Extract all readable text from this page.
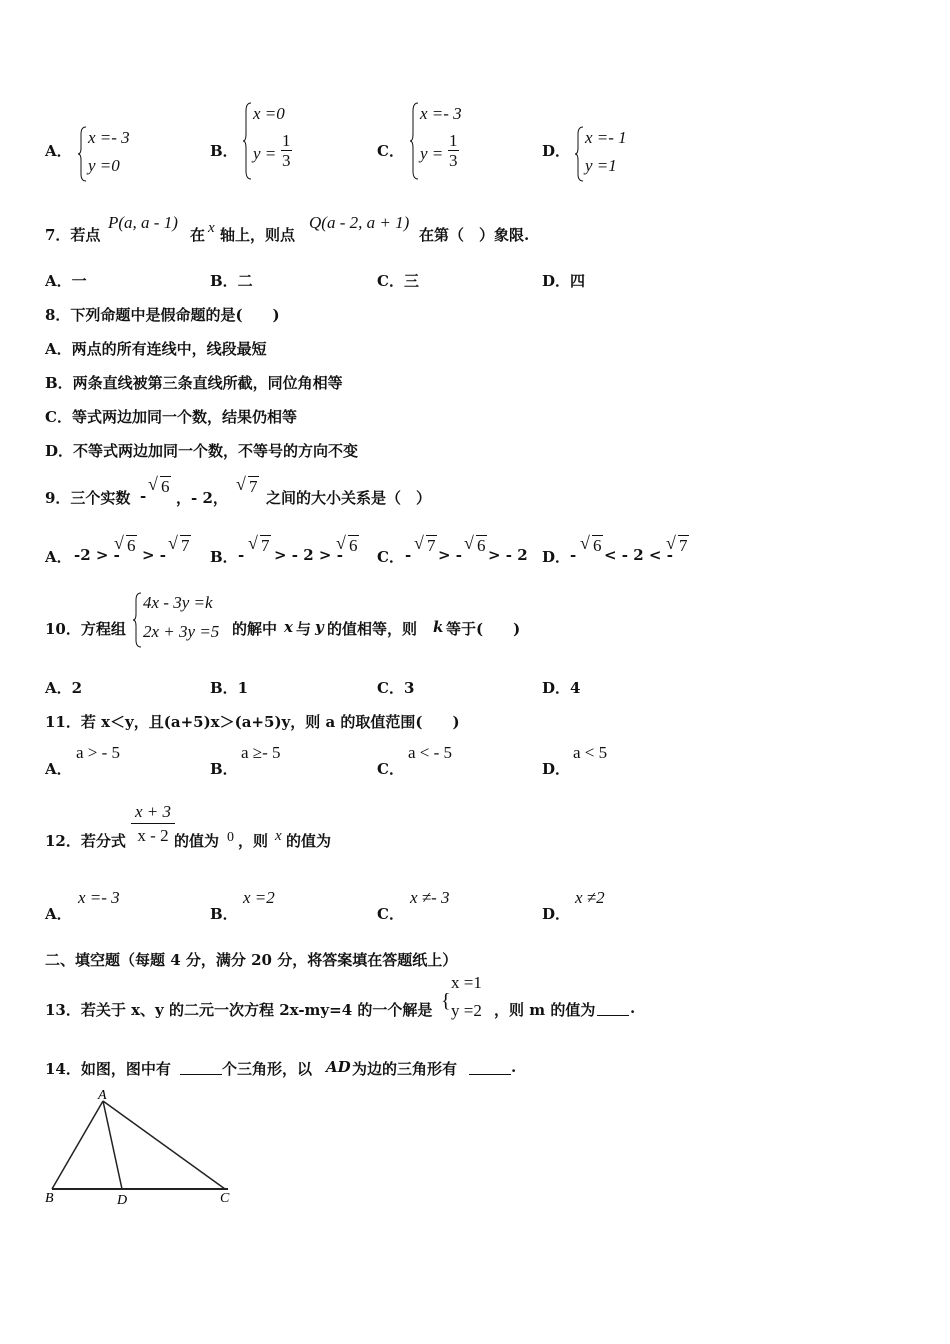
A．
x =- 3
y =0
B．
x =0
$y = \frac{1}{3}$	C．
x =- 3
$y = \frac{1}{3}$	D．
x =- 1
y =1
7．若点
P(a, a - 1)
在 x 轴上，则点
Q(a - 2, a + 1)
在第（　）象限.
A．一	B．二	C．三	D．四
8．下列命题中是假命题的是(　　)
A．两点的所有连线中，线段最短
B．两条直线被第三条直线所截，同位角相等
C．等式两边加同一个数，结果仍相等
D．不等式两边加同一个数，不等号的方向不变
9．三个实数 - √ 6
，- 2，
√ 7
之间的大小关系是（　）
A． -2 > - √ 6 > - √ 7
B． - √ 7 > - 2 > - √ 6
C． - √ 7 > - √ 6 > - 2 D． - √ 6 < - 2 < - √ 7
10．方程组
4x - 3y =k
2x + 3y =5 的解中 x 与 y 的值相等，则 k 等于(　　)
A．2	B．1	C．3	D．4
11．若 x＜y，且(a+5)x＞(a+5)y，则 a 的取值范围(　　)
A．
a > - 5
B．
a ≥- 5
C．
a < - 5
D．
a < 5
12．若分式 $\frac{x + 3}{x - 2}$
的值为 0 ，则 x 的值为
A．
x =- 3
B．
x =2
C．
x ≠- 3
D．
x ≠2
二、填空题（每题 4 分，满分 20 分，将答案填在答题纸上）
13．若关于 x、y 的二元一次方程 2x-my=4 的一个解是 {
x =1
y =2 ，则 m 的值为 .
14．如图，图中有	个三角形，以 AD 为边的三角形有	.
A
B	D	C
